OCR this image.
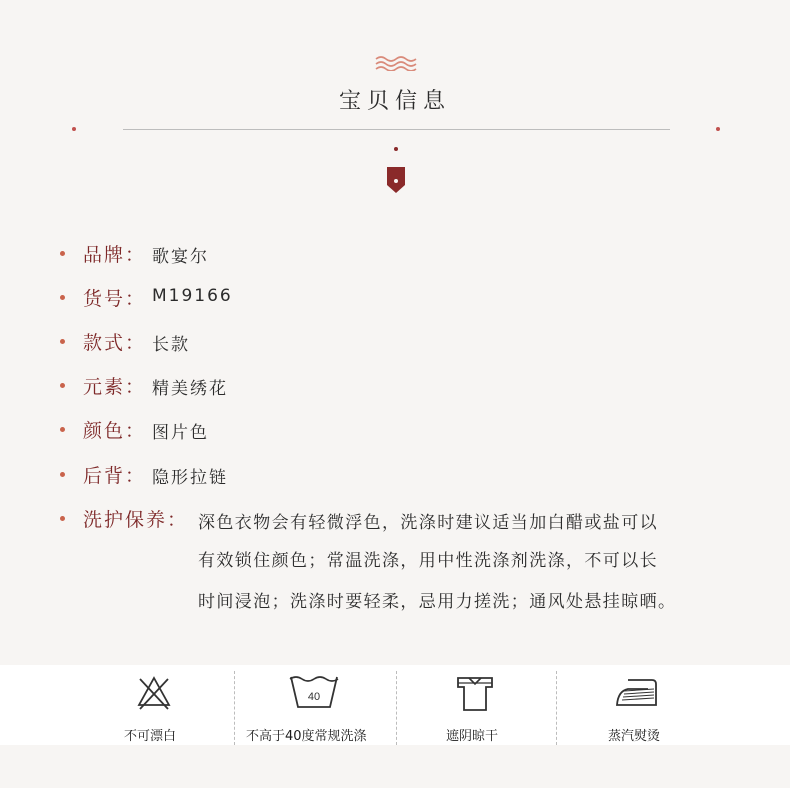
宝贝信息
品牌： 歌宴尔
货号： M19166
款式： 长款
元素： 精美绣花
颜色： 图片色
后背： 隐形拉链
洗护保养： 深色衣物会有轻微浮色，洗涤时建议适当加白醋或盐可以
有效锁住颜色；常温洗涤，用中性洗涤剂洗涤，不可以长
时间浸泡；洗涤时要轻柔，忌用力搓洗；通风处悬挂晾晒。
不可漂白
40
不高于40度常规洗涤	遮阴晾干	蒸汽熨烫
